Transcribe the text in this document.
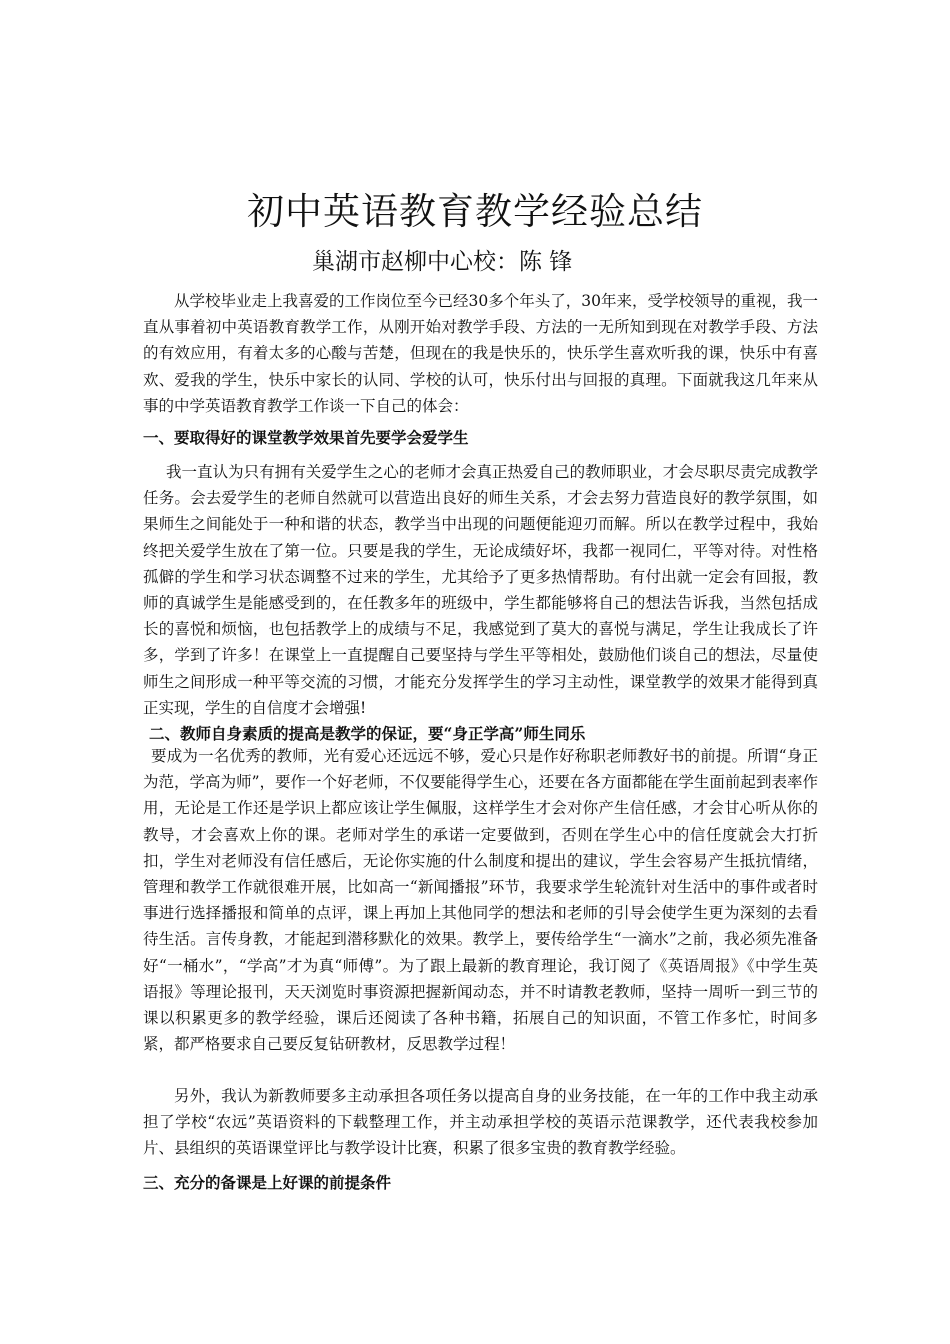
初中英语教育教学经验总结

巢湖市赵柳中心校：陈 锋

从学校毕业走上我喜爱的工作岗位至今已经30多个年头了，30年来，受学校领导的重视，我一直从事着初中英语教育教学工作，从刚开始对教学手段、方法的一无所知到现在对教学手段、方法的有效应用，有着太多的心酸与苦楚，但现在的我是快乐的，快乐学生喜欢听我的课，快乐中有喜欢、爱我的学生，快乐中家长的认同、学校的认可，快乐付出与回报的真理。下面就我这几年来从事的中学英语教育教学工作谈一下自己的体会：

一、要取得好的课堂教学效果首先要学会爱学生

我一直认为只有拥有关爱学生之心的老师才会真正热爱自己的教师职业，才会尽职尽责完成教学任务。会去爱学生的老师自然就可以营造出良好的师生关系，才会去努力营造良好的教学氛围，如果师生之间能处于一种和谐的状态，教学当中出现的问题便能迎刃而解。所以在教学过程中，我始终把关爱学生放在了第一位。只要是我的学生，无论成绩好坏，我都一视同仁，平等对待。对性格孤僻的学生和学习状态调整不过来的学生，尤其给予了更多热情帮助。有付出就一定会有回报，教师的真诚学生是能感受到的，在任教多年的班级中，学生都能够将自己的想法告诉我，当然包括成长的喜悦和烦恼，也包括教学上的成绩与不足，我感觉到了莫大的喜悦与满足，学生让我成长了许多，学到了许多！在课堂上一直提醒自己要坚持与学生平等相处，鼓励他们谈自己的想法，尽量使师生之间形成一种平等交流的习惯，才能充分发挥学生的学习主动性，课堂教学的效果才能得到真正实现，学生的自信度才会增强!

二、教师自身素质的提高是教学的保证，要“身正学高”师生同乐

要成为一名优秀的教师，光有爱心还远远不够，爱心只是作好称职老师教好书的前提。所谓“身正为范，学高为师”，要作一个好老师，不仅要能得学生心，还要在各方面都能在学生面前起到表率作用，无论是工作还是学识上都应该让学生佩服，这样学生才会对你产生信任感，才会甘心听从你的教导，才会喜欢上你的课。老师对学生的承诺一定要做到，否则在学生心中的信任度就会大打折扣，学生对老师没有信任感后，无论你实施的什么制度和提出的建议，学生会容易产生抵抗情绪，管理和教学工作就很难开展，比如高一“新闻播报”环节，我要求学生轮流针对生活中的事件或者时事进行选择播报和简单的点评，课上再加上其他同学的想法和老师的引导会使学生更为深刻的去看待生活。言传身教，才能起到潜移默化的效果。教学上，要传给学生“一滴水”之前，我必须先准备好“一桶水”，“学高”才为真“师傅”。为了跟上最新的教育理论，我订阅了《英语周报》《中学生英语报》等理论报刊，天天浏览时事资源把握新闻动态，并不时请教老教师，坚持一周听一到三节的课以积累更多的教学经验，课后还阅读了各种书籍，拓展自己的知识面，不管工作多忙，时间多紧，都严格要求自己要反复钻研教材，反思教学过程！

另外，我认为新教师要多主动承担各项任务以提高自身的业务技能，在一年的工作中我主动承担了学校“农远”英语资料的下载整理工作，并主动承担学校的英语示范课教学，还代表我校参加片、县组织的英语课堂评比与教学设计比赛，积累了很多宝贵的教育教学经验。

三、充分的备课是上好课的前提条件
